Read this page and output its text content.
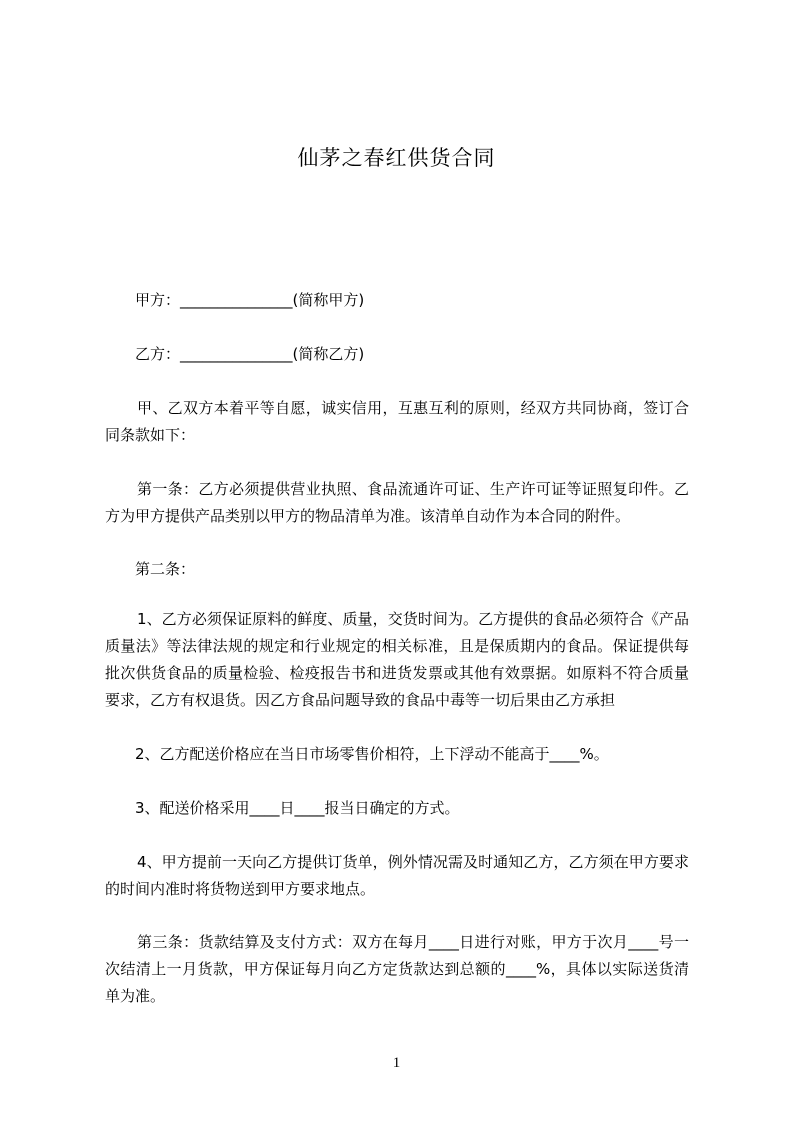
仙茅之春红供货合同

甲方：_______________(简称甲方)

乙方：_______________(简称乙方)

甲、乙双方本着平等自愿，诚实信用，互惠互利的原则，经双方共同协商，签订合同条款如下：

第一条：乙方必须提供营业执照、食品流通许可证、生产许可证等证照复印件。乙方为甲方提供产品类别以甲方的物品清单为准。该清单自动作为本合同的附件。

第二条：

1、乙方必须保证原料的鲜度、质量，交货时间为。乙方提供的食品必须符合《产品质量法》等法律法规的规定和行业规定的相关标准，且是保质期内的食品。保证提供每批次供货食品的质量检验、检疫报告书和进货发票或其他有效票据。如原料不符合质量要求，乙方有权退货。因乙方食品问题导致的食品中毒等一切后果由乙方承担

2、乙方配送价格应在当日市场零售价相符，上下浮动不能高于____%。

3、配送价格采用____日____报当日确定的方式。

4、甲方提前一天向乙方提供订货单，例外情况需及时通知乙方，乙方须在甲方要求的时间内准时将货物送到甲方要求地点。

第三条：货款结算及支付方式：双方在每月____日进行对账，甲方于次月____号一次结清上一月货款，甲方保证每月向乙方定货款达到总额的____%，具体以实际送货清单为准。

1
